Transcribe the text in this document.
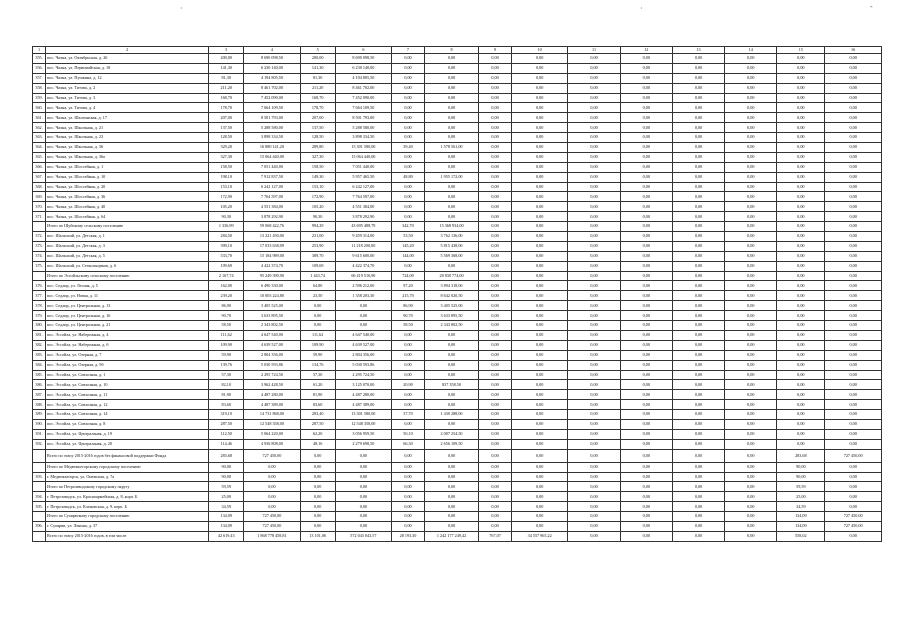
·	·	-
1	2	3	4	5	6	7	8	9	10	11	12	13	14	15	16
355.	пос. Чална, ул. Октябрьская, д. 26	200,00	8 690 098,50	200,00	8 690 098,50	0,00	0,00	0,00	0,00	0,00	0,00	0,00	0,00	0,00	0,00
356.	пос. Чална, ул. Первомайская, д. 18	141,30	6 230 140,00	141,30	6 230 140,00	0,00	0,00	0,00	0,00	0,00	0,00	0,00	0,00	0,00	0,00
357.	пос. Чална, ул. Пушкина, д. 12	81,30	4 194 805,50	81,30	4 194 805,50	0,00	0,00	0,00	0,00	0,00	0,00	0,00	0,00	0,00	0,00
358.	пос. Чална, ул. Титова, д. 2	211,20	8 461 702,00	211,20	8 461 702,00	0,00	0,00	0,00	0,00	0,00	0,00	0,00	0,00	0,00	0,00
359.	пос. Чална, ул. Титова, д. 3	168,70	7 452 090,00	168,70	7 452 090,00	0,00	0,00	0,00	0,00	0,00	0,00	0,00	0,00	0,00	0,00
360.	пос. Чална, ул. Титова, д. 4	178,70	7 664 109,50	178,70	7 664 109,50	0,00	0,00	0,00	0,00	0,00	0,00	0,00	0,00	0,00	0,00
361.	пос. Чална, ул. Шалгинская, д. 17	207,00	8 501 793,00	207,00	8 501 793,00	0,00	0,00	0,00	0,00	0,00	0,00	0,00	0,00	0,00	0,00
362.	пос. Чална, ул. Школьная, д. 21	137,50	5 288 580,00	137,50	5 288 580,00	0,00	0,00	0,00	0,00	0,00	0,00	0,00	0,00	0,00	0,00
363.	пос. Чална, ул. Школьная, д. 23	128,50	3 898 334,50	128,50	3 898 334,50	0,00	0,00	0,00	0,00	0,00	0,00	0,00	0,00	0,00	0,00
364.	пос. Чална, ул. Школьная, д. 36	329,20	16 880 141,20	289,80	15 301 580,00	39,40	1 578 561,00	0,00	0,00	0,00	0,00	0,00	0,00	0,00	0,00
365.	пос. Чална, ул. Школьная, д. 36а	327,30	15 064 440,00	327,30	15 064 440,00	0,00	0,00	0,00	0,00	0,00	0,00	0,00	0,00	0,00	0,00
366.	пос. Чална, ул. Шоссейная, д. 1	158,50	7 051 440,00	158,50	7 051 440,00	0,00	0,00	0,00	0,00	0,00	0,00	0,00	0,00	0,00	0,00
367.	пос. Чална, ул. Шоссейная, д. 10	198,10	7 912 837,50	149,30	5 957 465,50	48,80	1 955 172,00	0,00	0,00	0,00	0,00	0,00	0,00	0,00	0,00
368.	пос. Чална, ул. Шоссейная, д. 20	153,10	6 242 127,00	153,10	6 242 127,00	0,00	0,00	0,00	0,00	0,00	0,00	0,00	0,00	0,00	0,00
369.	пос. Чална, ул. Шоссейная, д. 36	172,90	7 764 597,00	172,90	7 764 597,00	0,00	0,00	0,00	0,00	0,00	0,00	0,00	0,00	0,00	0,00
370.	пос. Чална, ул. Шоссейная, д. 40	105,20	4 551 384,00	105,20	4 551 384,00	0,00	0,00	0,00	0,00	0,00	0,00	0,00	0,00	0,00	0,00
371.	пос. Чална, ул. Шоссейная, д. 64	90,30	3 878 292,90	90,30	3 878 292,90	0,00	0,00	0,00	0,00	0,00	0,00	0,00	0,00	0,00	0,00
	Итого по Шуйскому сельскому поселению	1 336,99	59 068 422,76	994,29	43 695 488,79	342,70	15 368 934,00	0,00	0,00	0,00	0,00	0,00	0,00	0,00	0,00
372.	пос. Шальский, ул. Детская, д. 1	284,50	13 221 450,00	231,00	9 459 314,00	53,50	3 762 136,00	0,00	0,00	0,00	0,00	0,00	0,00	0,00	0,00
373.	пос. Шальский, ул. Детская, д. 3	399,10	17 033 638,09	253,90	11 218 200,00	145,20	5 815 438,00	0,00	0,00	0,00	0,00	0,00	0,00	0,00	0,00
374.	пос. Шальский, ул. Детская, д. 5	533,70	15 184 989,00	389,70	9 615 600,00	144,00	5 569 368,00	0,00	0,00	0,00	0,00	0,00	0,00	0,00	0,00
375.	пос. Шальский, ул. Стекольщиков, д. 6	109,69	4 422 374,70	109,69	4 422 374,70	0,00	0,00	0,00	0,00	0,00	0,00	0,00	0,00	0,00	0,00
	Итого по Эссойльскому сельскому поселению	2 167,74	95 249 390,90	1 443,74	66 419 516,90	724,00	28 830 774,00	0,00	0,00	0,00	0,00	0,00	0,00	0,00	0,00
376.	пос. Седлир, ул. Лесная, д. 5	162,00	6 490 330,00	64,80	2 596 212,00	97,20	3 894 318,00	0,00	0,00	0,00	0,00	0,00	0,00	0,00	0,00
377.	пос. Седлир, ул. Новая, д. 11	239,20	10 003 224,80	23,50	1 358 203,30	215,70	8 642 020,50	0,00	0,00	0,00	0,00	0,00	0,00	0,00	0,00
378.	пос. Седлир, ул. Центральная, д. 13	86,90	3 405 525,00	0,00	0,00	86,90	3 405 525,00	0,00	0,00	0,00	0,00	0,00	0,00	0,00	0,00
379.	пос. Седлир, ул. Центральная, д. 16	90,70	3 633 895,50	0,00	0,00	90,70	3 633 895,50	0,00	0,00	0,00	0,00	0,00	0,00	0,00	0,00
380.	пос. Седлир, ул. Центральная, д. 21	58,50	2 343 802,50	0,00	0,00	58,50	2 343 802,50	0,00	0,00	0,00	0,00	0,00	0,00	0,00	0,00
381.	пос. Эссойла, ул. Набережная, д. 4	111,62	4 647 540,00	111,62	4 647 540,00	0,00	0,00	0,00	0,00	0,00	0,00	0,00	0,00	0,00	0,00
382.	пос. Эссойла, ул. Набережная, д. 6	109,90	4 639 527,00	109,90	4 639 527,00	0,00	0,00	0,00	0,00	0,00	0,00	0,00	0,00	0,00	0,00
383.	пос. Эссойла, ул. Озерная, д. 7	59,90	2 804 356,00	59,90	2 804 356,00	0,00	0,00	0,00	0,00	0,00	0,00	0,00	0,00	0,00	0,00
384.	пос. Эссойла, ул. Озерная, д. 9б	139,76	5 030 593,86	134,76	5 030 593,86	0,00	0,00	0,00	0,00	0,00	0,00	0,00	0,00	0,00	0,00
385.	пос. Эссойла, ул. Совхозная, д. 1	57,30	2 295 724,50	57,30	2 295 724,50	0,00	0,00	0,00	0,00	0,00	0,00	0,00	0,00	0,00	0,00
386.	пос. Эссойла, ул. Совхозная, д. 10	82,10	3 962 428,50	61,20	3 125 070,00	20,90	837 358,50	0,00	0,00	0,00	0,00	0,00	0,00	0,00	0,00
387.	пос. Эссойла, ул. Совхозная, д. 11	81,90	4 487 280,00	81,90	4 487 280,00	0,00	0,00	0,00	0,00	0,00	0,00	0,00	0,00	0,00	0,00
388.	пос. Эссойла, ул. Совхозная, д. 12	83,60	4 487 389,00	83,60	4 487 389,00	0,00	0,00	0,00	0,00	0,00	0,00	0,00	0,00	0,00	0,00
389.	пос. Эссойла, ул. Совхозная, д. 14	319,10	14 731 868,00	283,40	13 301 580,00	37,70	1 430 288,00	0,00	0,00	0,00	0,00	0,00	0,00	0,00	0,00
390.	пос. Эссойла, ул. Совхозная, д. 8	287,50	12 548 358,00	287,50	12 548 358,00	0,00	0,00	0,00	0,00	0,00	0,00	0,00	0,00	0,00	0,00
391.	пос. Эссойла, ул. Центральная, д. 19	112,50	5 064 220,00	62,20	3 056 959,50	50,10	2 007 254,50	0,00	0,00	0,00	0,00	0,00	0,00	0,00	0,00
392.	пос. Эссойла, ул. Центральная, д. 20	114,46	4 936 808,00	48,16	2 279 698,50	66,30	2 656 109,50	0,00	0,00	0,00	0,00	0,00	0,00	0,00	0,00
	Всего по этапу 2015-2016 годов без финансовой поддержки Фонда	283,68	727 450,00	0,00	0,00	0,00	0,00	0,00	0,00	0,00	0,00	0,00	0,00	283,68	727 450,00
	Итого по Медвежьегорскому городскому поселению	90,00	0,00	0,00	0,00	0,00	0,00	0,00	0,00	0,00	0,00	0,00	0,00	90,00	0,00
393.	г. Медвежьегорск, ул. Онежская, д. 7а	90,00	0,00	0,00	0,00	0,00	0,00	0,00	0,00	0,00	0,00	0,00	0,00	90,00	0,00
	Итого по Петрозаводскому городскому округу	59,59	0,00	0,00	0,00	0,00	0,00	0,00	0,00	0,00	0,00	0,00	0,00	59,59	0,00
394.	г. Петрозаводск, ул. Красноармейская, д. 8, корп. Б	25,00	0,00	0,00	0,00	0,00	0,00	0,00	0,00	0,00	0,00	0,00	0,00	25,00	0,00
395.	г. Петрозаводск, ул. Кленовская, д. 9, корп. Б	34,59	0,00	0,00	0,00	0,00	0,00	0,00	0,00	0,00	0,00	0,00	0,00	34,59	0,00
	Итого по Суоярвскому городскому поселению	134,09	727 450,00	0,00	0,00	0,00	0,00	0,00	0,00	0,00	0,00	0,00	0,00	134,09	727 450,00
396.	г. Суоярви, ул. Ленина, д. 37	134,09	727 450,00	0,00	0,00	0,00	0,00	0,00	0,00	0,00	0,00	0,00	0,00	134,09	727 450,00
	Всего по этапу 2015-2016 годов, в том числе	42 619,43	1 868 778 458,81	13 101,06	572 043 043,57	28 193,30	1 242 177 249,42	767,07	34 557 965,22	0,00	0,00	0,00	0,00	558,02	0,00
